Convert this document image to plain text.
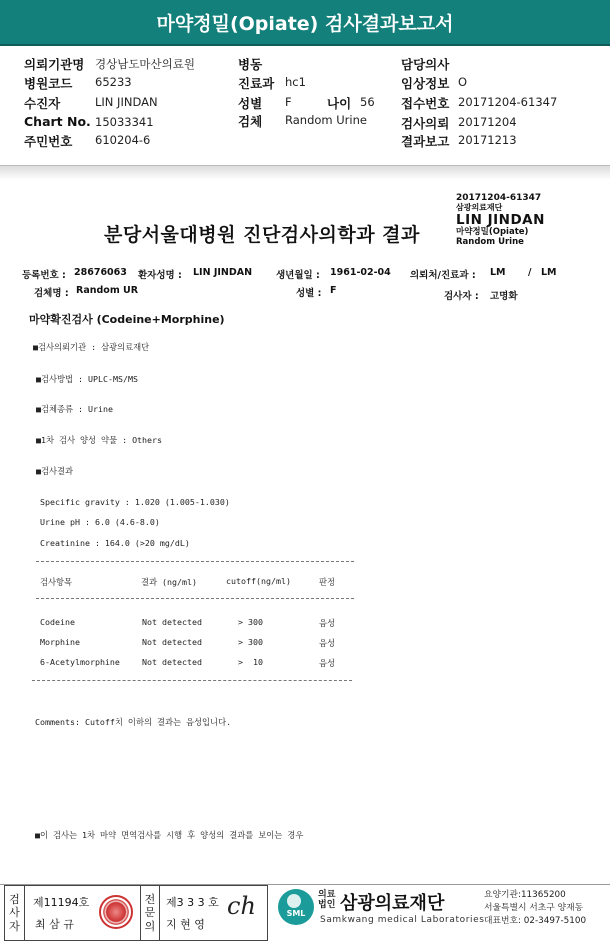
마약정밀(Opiate) 검사결과보고서
의뢰기관명 경상남도마산의료원
병원코드 65233
수진자	LIN JINDAN
Chart No. 15033341
주민번호 610204-6
병동
진료과 hc1
성별 F	나이 56
검체 Random Urine
담당의사
임상정보 O
접수번호 20171204-61347
검사의뢰 20171204
결과보고 20171213
20171204-61347
삼광의료재단
LIN JINDAN
마약정밀(Opiate)
Random Urine
분당서울대병원 진단검사의학과 결과
등록번호 : 28676063 환자성명 : LIN JINDAN	생년월일 : 1961-02-04 의뢰처/진료과 : LM / LM
검체명 : Random UR	성별 : F
검사자 : 고명화
마약확진검사 (Codeine+Morphine)
■검사의뢰기관 : 삼광의료재단
■검사방법 : UPLC-MS/MS
■검체종류 : Urine
■1차 검사 양성 약물 : Others
■검사결과
Specific gravity : 1.020 (1.005-1.030)
Urine pH : 6.0 (4.6-8.0)
Creatinine : 164.0 (>20 mg/dL)
검사항목	결과 (ng/ml)	cutoff(ng/ml)	판정
Codeine	Not detected	> 300	음성
Morphine	Not detected	> 300	음성
6-Acetylmorphine	Not detected	>  10	음성
Comments: Cutoff치 이하의 결과는 음성입니다.
■이 검사는 1차 마약 면역검사를 시행 후 양성의 결과를 보이는 경우
검
사
자
제11194호
최 삼 규
전
문
의
제3 3 3 호
지 현 영
ch	SML
의료
법인 삼광의료재단
Samkwang medical Laboratories
요양기관:11365200
서울특별시 서초구 양재동
대표번호: 02-3497-5100
